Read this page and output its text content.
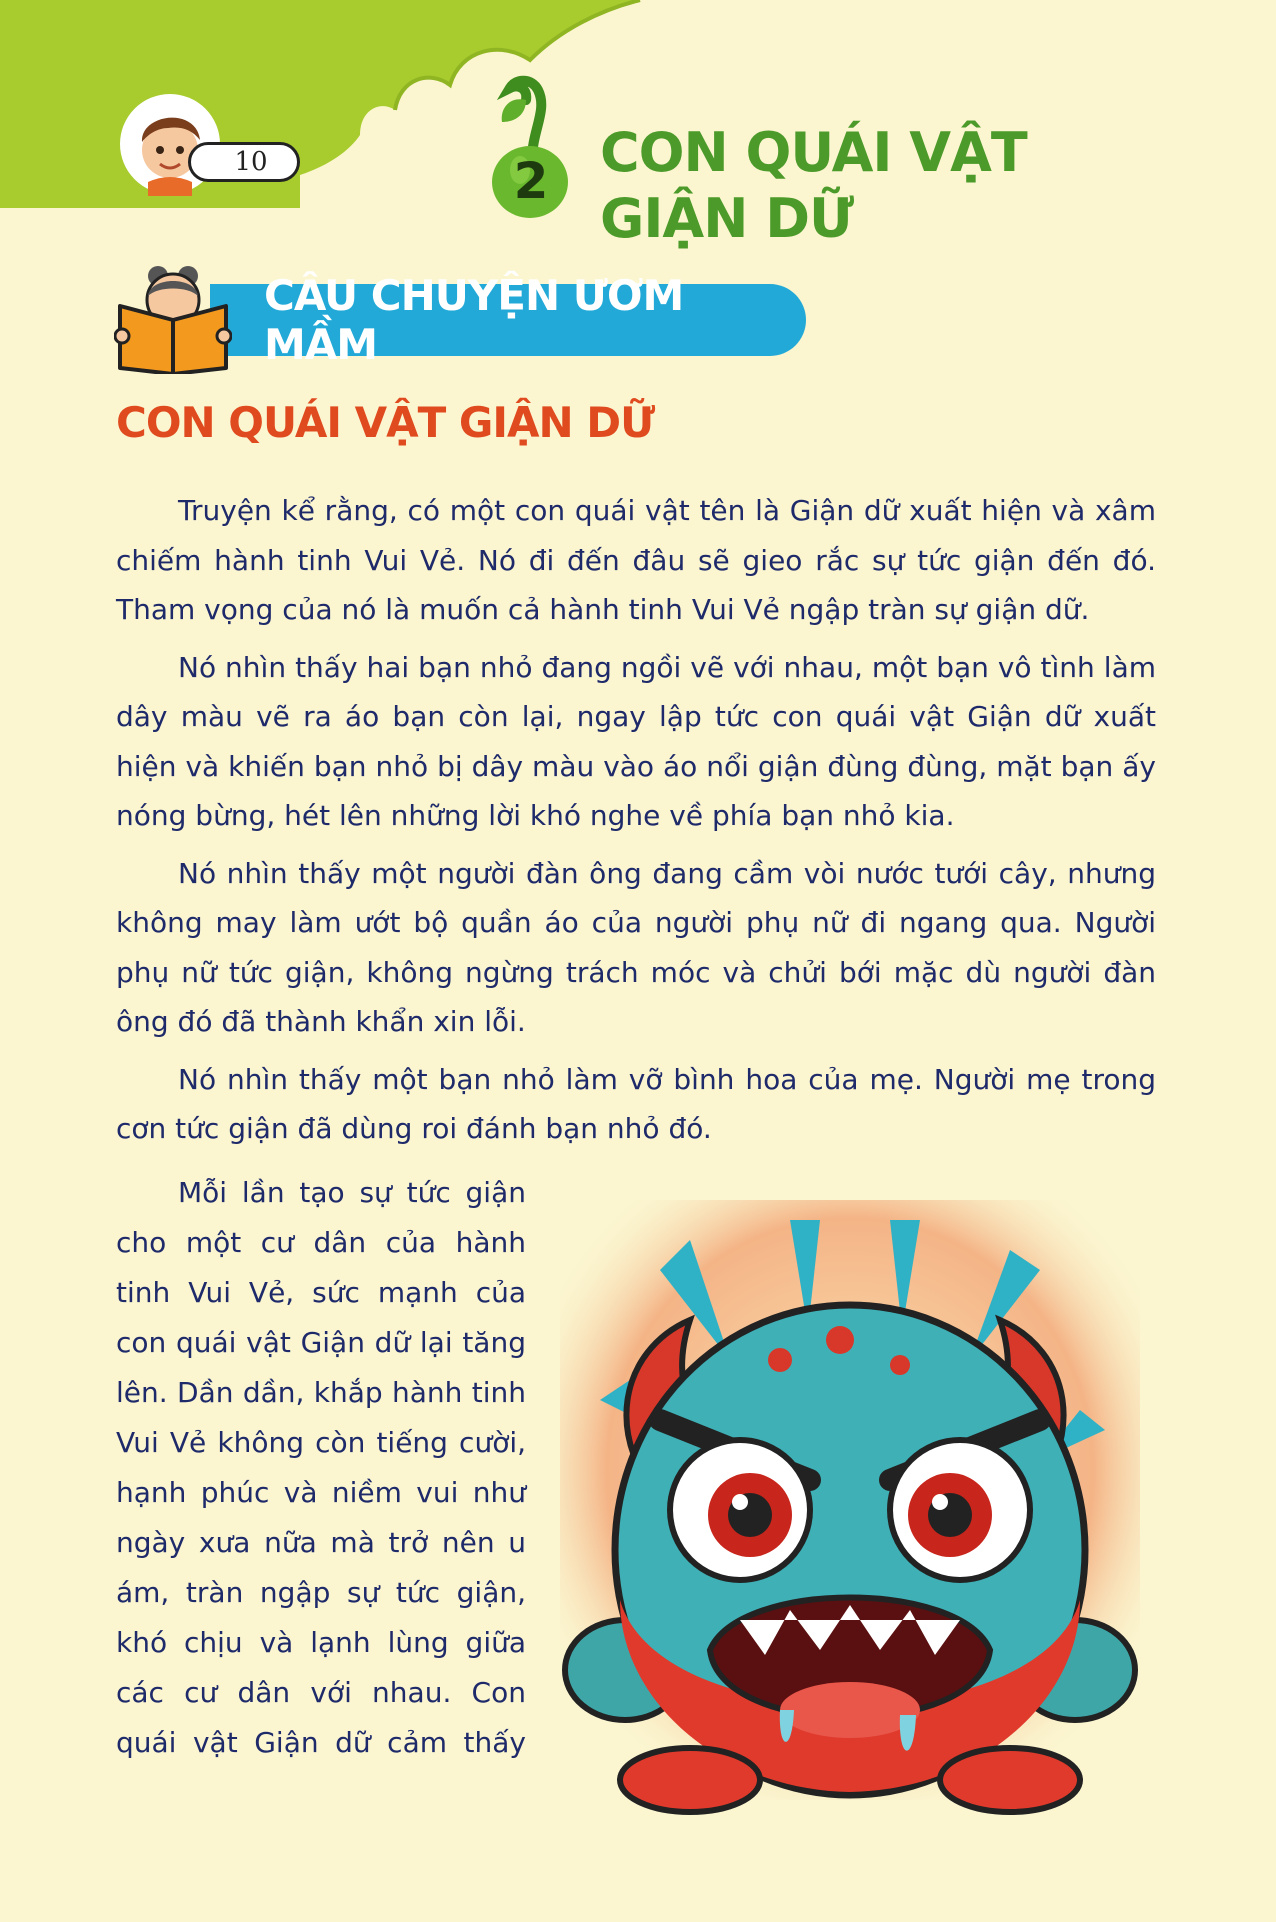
10	2 CON QUÁI VẬT
GIẬN DỮ
CÂU CHUYỆN ƯƠM MẦM
CON QUÁI VẬT GIẬN DỮ

Truyện kể rằng, có một con quái vật tên là Giận dữ xuất hiện và xâm chiếm hành tinh Vui Vẻ. Nó đi đến đâu sẽ gieo rắc sự tức giận đến đó. Tham vọng của nó là muốn cả hành tinh Vui Vẻ ngập tràn sự giận dữ.

Nó nhìn thấy hai bạn nhỏ đang ngồi vẽ với nhau, một bạn vô tình làm dây màu vẽ ra áo bạn còn lại, ngay lập tức con quái vật Giận dữ xuất hiện và khiến bạn nhỏ bị dây màu vào áo nổi giận đùng đùng, mặt bạn ấy nóng bừng, hét lên những lời khó nghe về phía bạn nhỏ kia.

Nó nhìn thấy một người đàn ông đang cầm vòi nước tưới cây, nhưng không may làm ướt bộ quần áo của người phụ nữ đi ngang qua. Người phụ nữ tức giận, không ngừng trách móc và chửi bới mặc dù người đàn ông đó đã thành khẩn xin lỗi.

Nó nhìn thấy một bạn nhỏ làm vỡ bình hoa của mẹ. Người mẹ trong cơn tức giận đã dùng roi đánh bạn nhỏ đó.

Mỗi lần tạo sự tức giận cho một cư dân của hành tinh Vui Vẻ, sức mạnh của con quái vật Giận dữ lại tăng lên. Dần dần, khắp hành tinh Vui Vẻ không còn tiếng cười, hạnh phúc và niềm vui như ngày xưa nữa mà trở nên u ám, tràn ngập sự tức giận, khó chịu và lạnh lùng giữa các cư dân với nhau. Con quái vật Giận dữ cảm thấy
